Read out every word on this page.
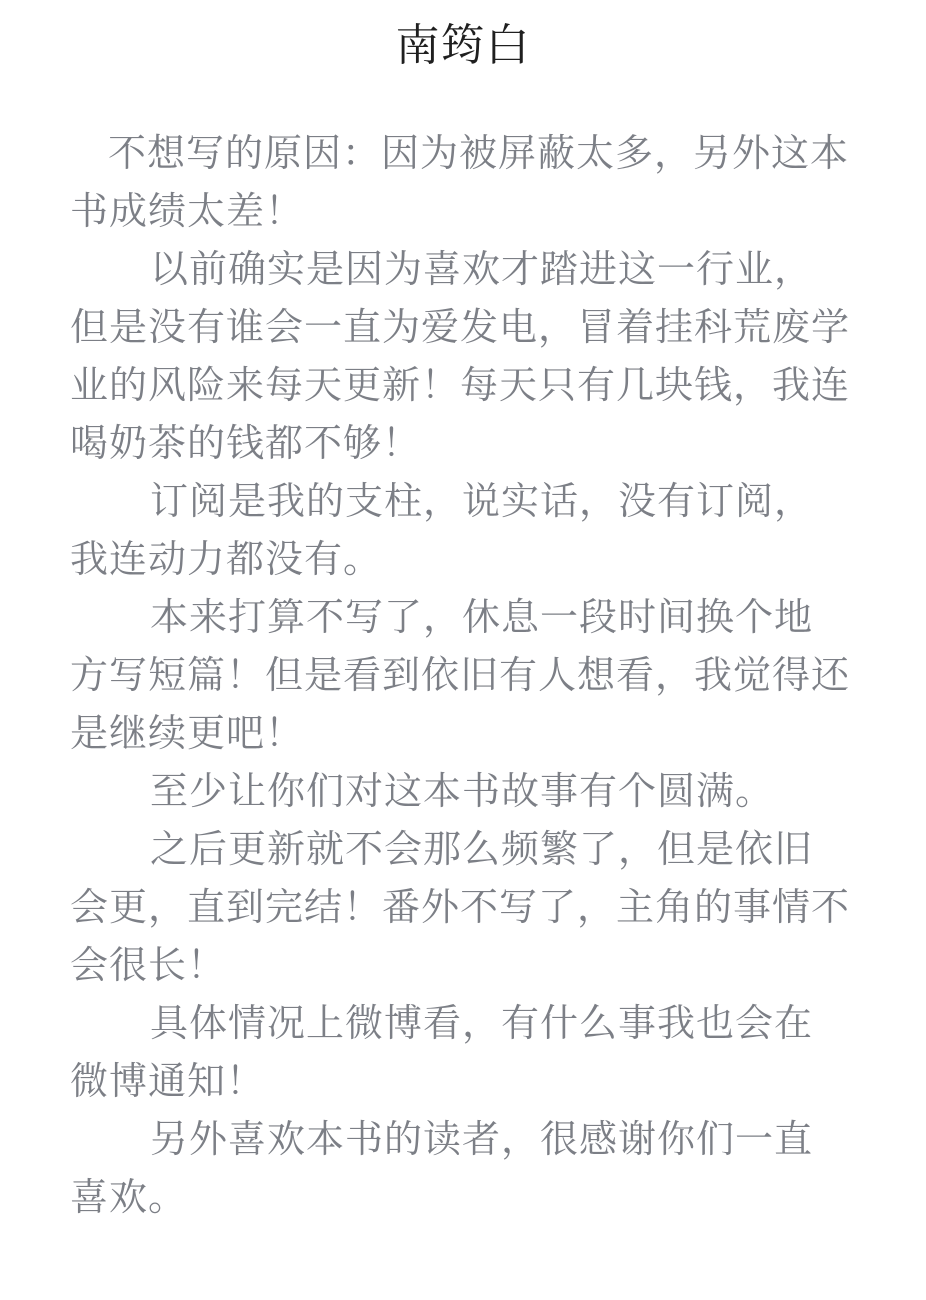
南筠白

不想写的原因：因为被屏蔽太多，另外这本书成绩太差！

以前确实是因为喜欢才踏进这一行业，但是没有谁会一直为爱发电，冒着挂科荒废学业的风险来每天更新！每天只有几块钱，我连喝奶茶的钱都不够！

订阅是我的支柱，说实话，没有订阅，我连动力都没有。

本来打算不写了，休息一段时间换个地方写短篇！但是看到依旧有人想看，我觉得还是继续更吧！

至少让你们对这本书故事有个圆满。

之后更新就不会那么频繁了，但是依旧会更，直到完结！番外不写了，主角的事情不会很长！

具体情况上微博看，有什么事我也会在微博通知！

另外喜欢本书的读者，很感谢你们一直喜欢。
